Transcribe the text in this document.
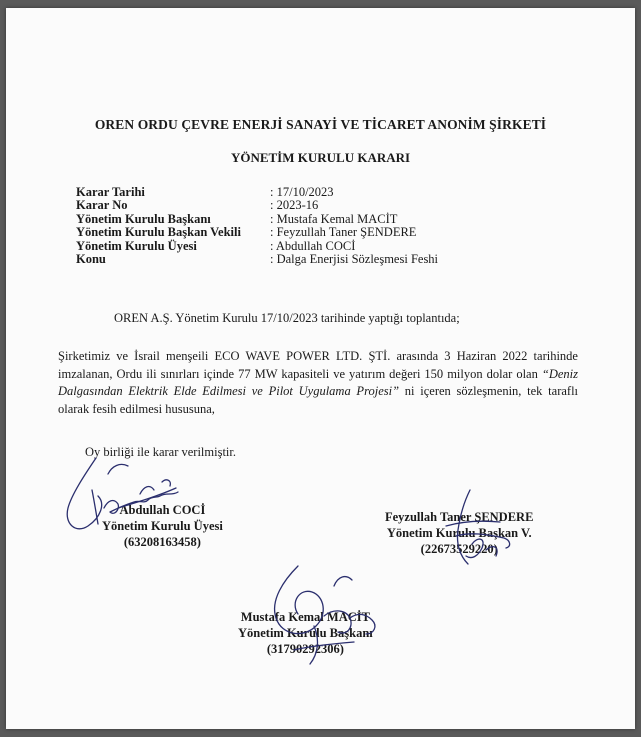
OREN ORDU ÇEVRE ENERJİ SANAYİ VE TİCARET ANONİM ŞİRKETİ
YÖNETİM KURULU KARARI
Karar Tarihi	: 17/10/2023
Karar No	: 2023-16
Yönetim Kurulu Başkanı	: Mustafa Kemal MACİT
Yönetim Kurulu Başkan Vekili	: Feyzullah Taner ŞENDERE
Yönetim Kurulu Üyesi	: Abdullah COCİ
Konu	: Dalga Enerjisi Sözleşmesi Feshi
OREN A.Ş. Yönetim Kurulu 17/10/2023 tarihinde yaptığı toplantıda;

Şirketimiz ve İsrail menşeili ECO WAVE POWER LTD. ŞTİ. arasında 3 Haziran 2022 tarihinde imzalanan, Ordu ili sınırları içinde 77 MW kapasiteli ve yatırım değeri 150 milyon dolar olan “Deniz Dalgasından Elektrik Elde Edilmesi ve Pilot Uygulama Projesi” ni içeren sözleşmenin, tek taraflı olarak fesih edilmesi hususuna,

Oy birliği ile karar verilmiştir.
Abdullah COCİ
Yönetim Kurulu Üyesi
(63208163458)
Feyzullah Taner ŞENDERE
Yönetim Kurulu Başkan V.
(22673529220)
Mustafa Kemal MACİT
Yönetim Kurulu Başkanı
(31790292306)
